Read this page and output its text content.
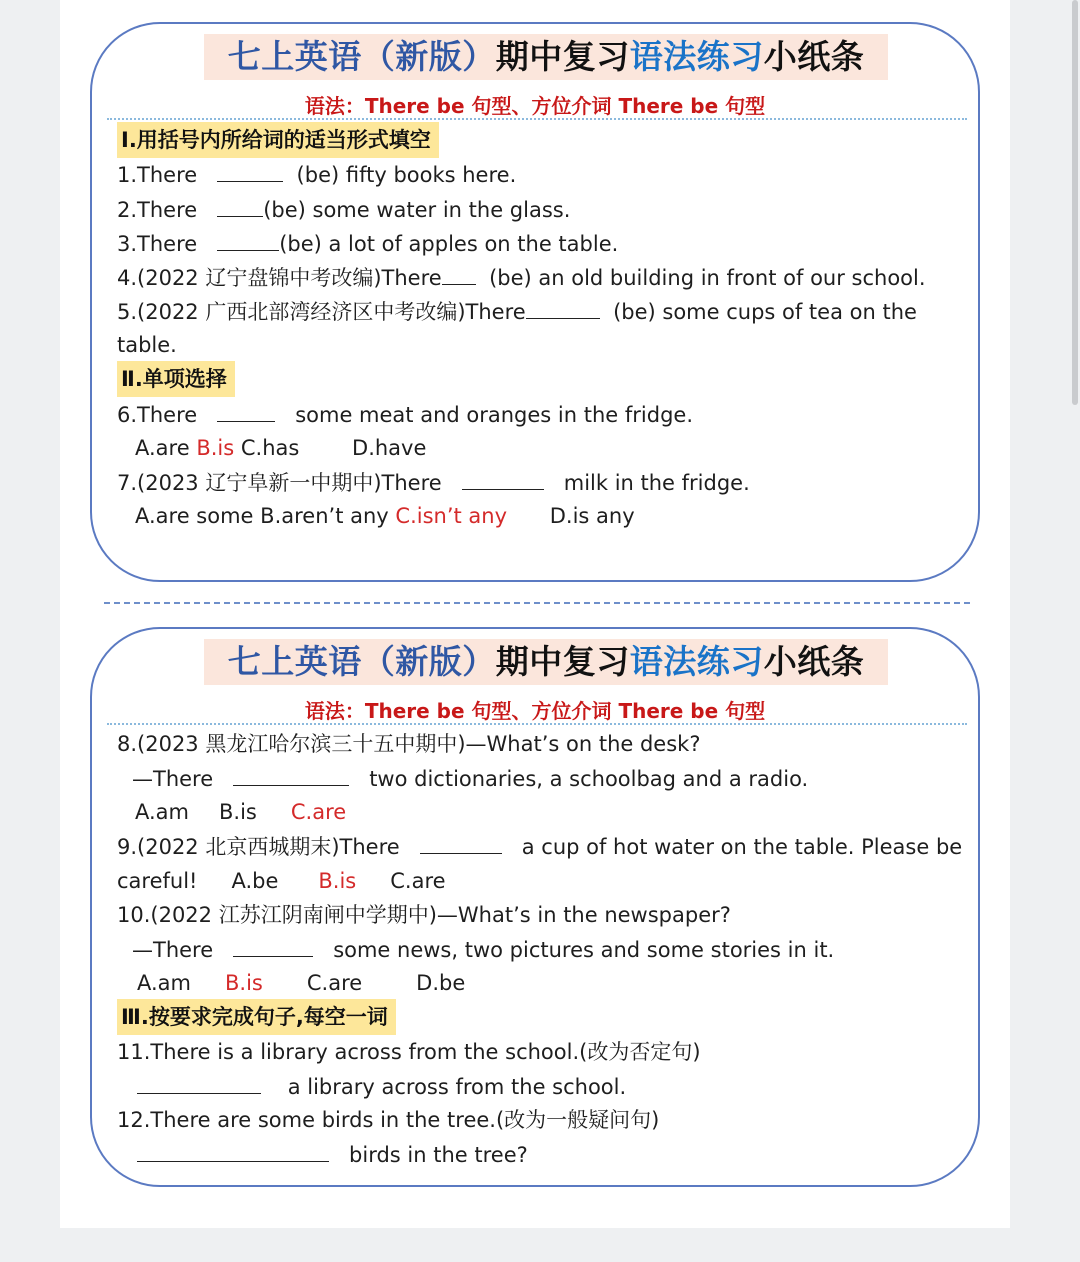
七上英语（新版）期中复习语法练习小纸条
语法：There be 句型、方位介词 There be 句型
Ⅰ.用括号内所给词的适当形式填空
1.There	(be) fifty books here.
2.There	(be) some water in the glass.
3.There	(be) a lot of apples on the table.
4.(2022 辽宁盘锦中考改编)There (be) an old building in front of our school.
5.(2022 广西北部湾经济区中考改编)There	(be) some cups of tea on the
table.
Ⅱ.单项选择
6.There	some meat and oranges in the fridge.
A.are B.is C.has	D.have
7.(2023 辽宁阜新一中期中)There	milk in the fridge.
A.are some B.aren’t any C.isn’t any D.is any
七上英语（新版）期中复习语法练习小纸条
语法：There be 句型、方位介词 There be 句型
8.(2023 黑龙江哈尔滨三十五中期中)—What’s on the desk?
—There	two dictionaries, a schoolbag and a radio.
A.am B.is C.are
9.(2022 北京西城期末)There	a cup of hot water on the table. Please be
careful! A.be B.is C.are
10.(2022 江苏江阴南闸中学期中)—What’s in the newspaper?
—There	some news, two pictures and some stories in it.
A.am B.is C.are	D.be
Ⅲ.按要求完成句子,每空一词
11.There is a library across from the school.(改为否定句)
a library across from the school.
12.There are some birds in the tree.(改为一般疑问句)
birds in the tree?
